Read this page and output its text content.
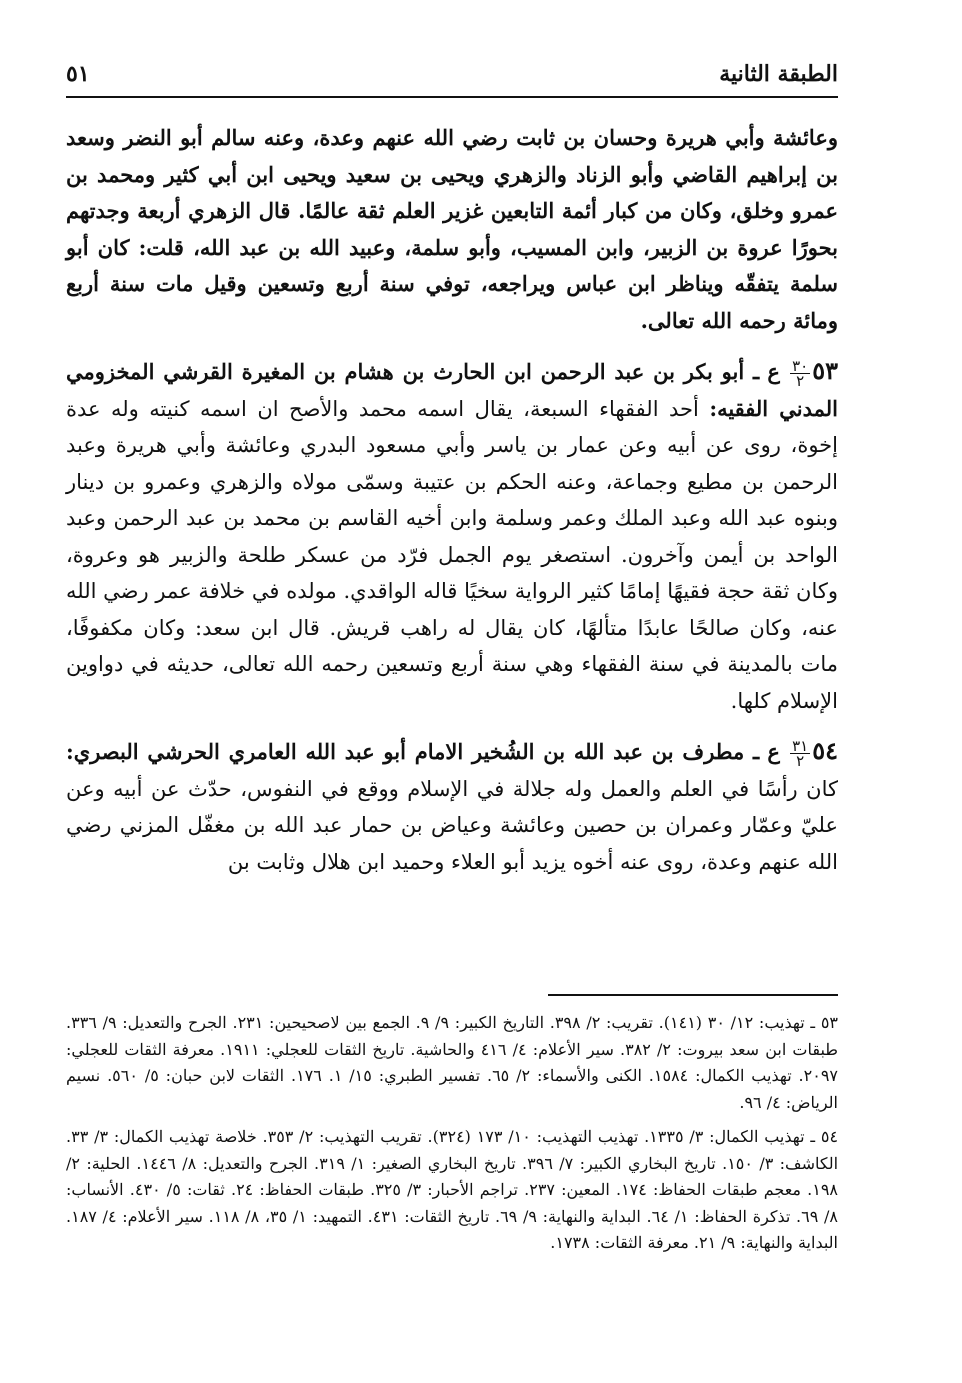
الطبقة الثانية
٥١

وعائشة وأبي هريرة وحسان بن ثابت رضي الله عنهم وعدة، وعنه سالم أبو النضر وسعد بن إبراهيم القاضي وأبو الزناد والزهري ويحيى بن سعيد ويحيى ابن أبي كثير ومحمد بن عمرو وخلق، وكان من كبار أئمة التابعين غزير العلم ثقة عالمًا. قال الزهري أربعة وجدتهم بحورًا عروة بن الزبير، وابن المسيب، وأبو سلمة، وعبيد الله بن عبد الله، قلت: كان أبو سلمة يتفقّه ويناظر ابن عباس ويراجعه، توفي سنة أربع وتسعين وقيل مات سنة أربع ومائة رحمه الله تعالى.

٥٣
$\frac{٣٠}{٢}$
ع ـ أبو بكر بن عبد الرحمن ابن الحارث بن هشام بن المغيرة القرشي المخزومي المدني الفقيه: أحد الفقهاء السبعة، يقال اسمه محمد والأصح ان اسمه كنيته وله عدة إخوة، روى عن أبيه وعن عمار بن ياسر وأبي مسعود البدري وعائشة وأبي هريرة وعبد الرحمن بن مطيع وجماعة، وعنه الحكم بن عتيبة وسمّى مولاه والزهري وعمرو بن دينار وبنوه عبد الله وعبد الملك وعمر وسلمة وابن أخيه القاسم بن محمد بن عبد الرحمن وعبد الواحد بن أيمن وآخرون. استصغر يوم الجمل فرّد من عسكر طلحة والزبير هو وعروة، وكان ثقة حجة فقيهًا إمامًا كثير الرواية سخيًا قاله الواقدي. مولده في خلافة عمر رضي الله عنه، وكان صالحًا عابدًا متألهًا، كان يقال له راهب قريش. قال ابن سعد: وكان مكفوفًا، مات بالمدينة في سنة الفقهاء وهي سنة أربع وتسعين رحمه الله تعالى، حديثه في دواوين الإسلام كلها.

٥٤
$\frac{٣١}{٢}$
ع ـ مطرف بن عبد الله بن الشُخير الامام أبو عبد الله العامري الحرشي البصري: كان رأسًا في العلم والعمل وله جلالة في الإسلام ووقع في النفوس، حدّث عن أبيه وعن عليّ وعمّار وعمران بن حصين وعائشة وعياض بن حمار عبد الله بن مغفّل المزني رضي الله عنهم وعدة، روى عنه أخوه يزيد أبو العلاء وحميد ابن هلال وثابت بن

٥٣ ـ تهذيب: ١٢/ ٣٠ (١٤١). تقريب: ٢/ ٣٩٨. التاريخ الكبير: ٩/ ٩. الجمع بين لاصحيحين: ٢٣١. الجرح والتعديل: ٩/ ٣٣٦. طبقات ابن سعد بيروت: ٢/ ٣٨٢. سير الأعلام: ٤/ ٤١٦ والحاشية. تاريخ الثقات للعجلي: ١٩١١. معرفة الثقات للعجلي: ٢٠٩٧. تهذيب الكمال: ١٥٨٤. الكنى والأسماء: ٢/ ٦٥. تفسير الطبري: ١٥/ ١. ١٧٦. الثقات لابن حبان: ٥/ ٥٦٠. نسيم الرياض: ٤/ ٩٦.

٥٤ ـ تهذيب الكمال: ٣/ ١٣٣٥. تهذيب التهذيب: ١٠/ ١٧٣ (٣٢٤). تقريب التهذيب: ٢/ ٣٥٣. خلاصة تهذيب الكمال: ٣/ ٣٣. الكاشف: ٣/ ١٥٠. تاريخ البخاري الكبير: ٧/ ٣٩٦. تاريخ البخاري الصغير: ١/ ٣١٩. الجرح والتعديل: ٨/ ١٤٤٦. الحلية: ٢/ ١٩٨. معجم طبقات الحفاظ: ١٧٤. المعين: ٢٣٧. تراجم الأحبار: ٣/ ٣٢٥. طبقات الحفاظ: ٢٤. ثقات: ٥/ ٤٣٠. الأنساب: ٨/ ٦٩. تذكرة الحفاظ: ١/ ٦٤. البداية والنهاية: ٩/ ٦٩. تاريخ الثقات: ٤٣١. التمهيد: ١/ ٣٥، ٨/ ١١٨. سير الأعلام: ٤/ ١٨٧. البداية والنهاية: ٩/ ٢١. معرفة الثقات: ١٧٣٨.
